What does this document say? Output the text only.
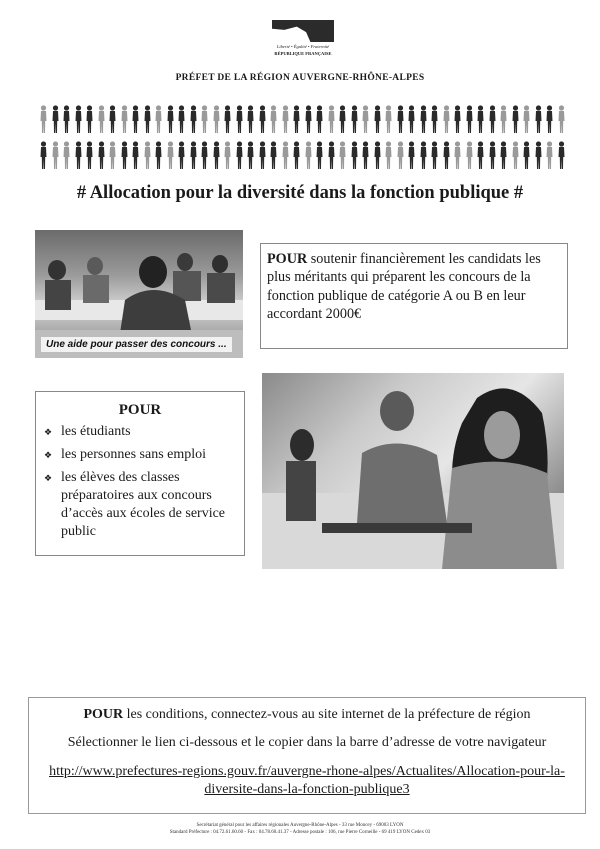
Liberté • Égalité • Fraternité
RÉPUBLIQUE FRANÇAISE
PRÉFET DE LA RÉGION AUVERGNE-RHÔNE-ALPES
# Allocation pour la diversité dans la fonction publique #
Une aide pour passer des concours ...
POUR soutenir financièrement les candidats les plus méritants qui préparent les concours de la fonction publique de catégorie A ou B en leur accordant 2000€
POUR
❖ les étudiants
❖ les personnes sans emploi
❖ les élèves des classes préparatoires aux concours d’accès aux écoles de service public
POUR les conditions, connectez-vous au site internet de la préfecture de région
Sélectionner le lien ci-dessous et le copier dans la barre d’adresse de votre navigateur
http://www.prefectures-regions.gouv.fr/auvergne-rhone-alpes/Actualites/Allocation-pour-la-diversite-dans-la-fonction-publique3
Secrétariat général pour les affaires régionales Auvergne-Rhône-Alpes - 33 rue Moncey - 69003 LYON
Standard Préfecture : 04.72.61.60.60 - Fax : 04.78.60.41.37 - Adresse postale : 106, rue Pierre Corneille - 69 419 LYON Cedex 03
